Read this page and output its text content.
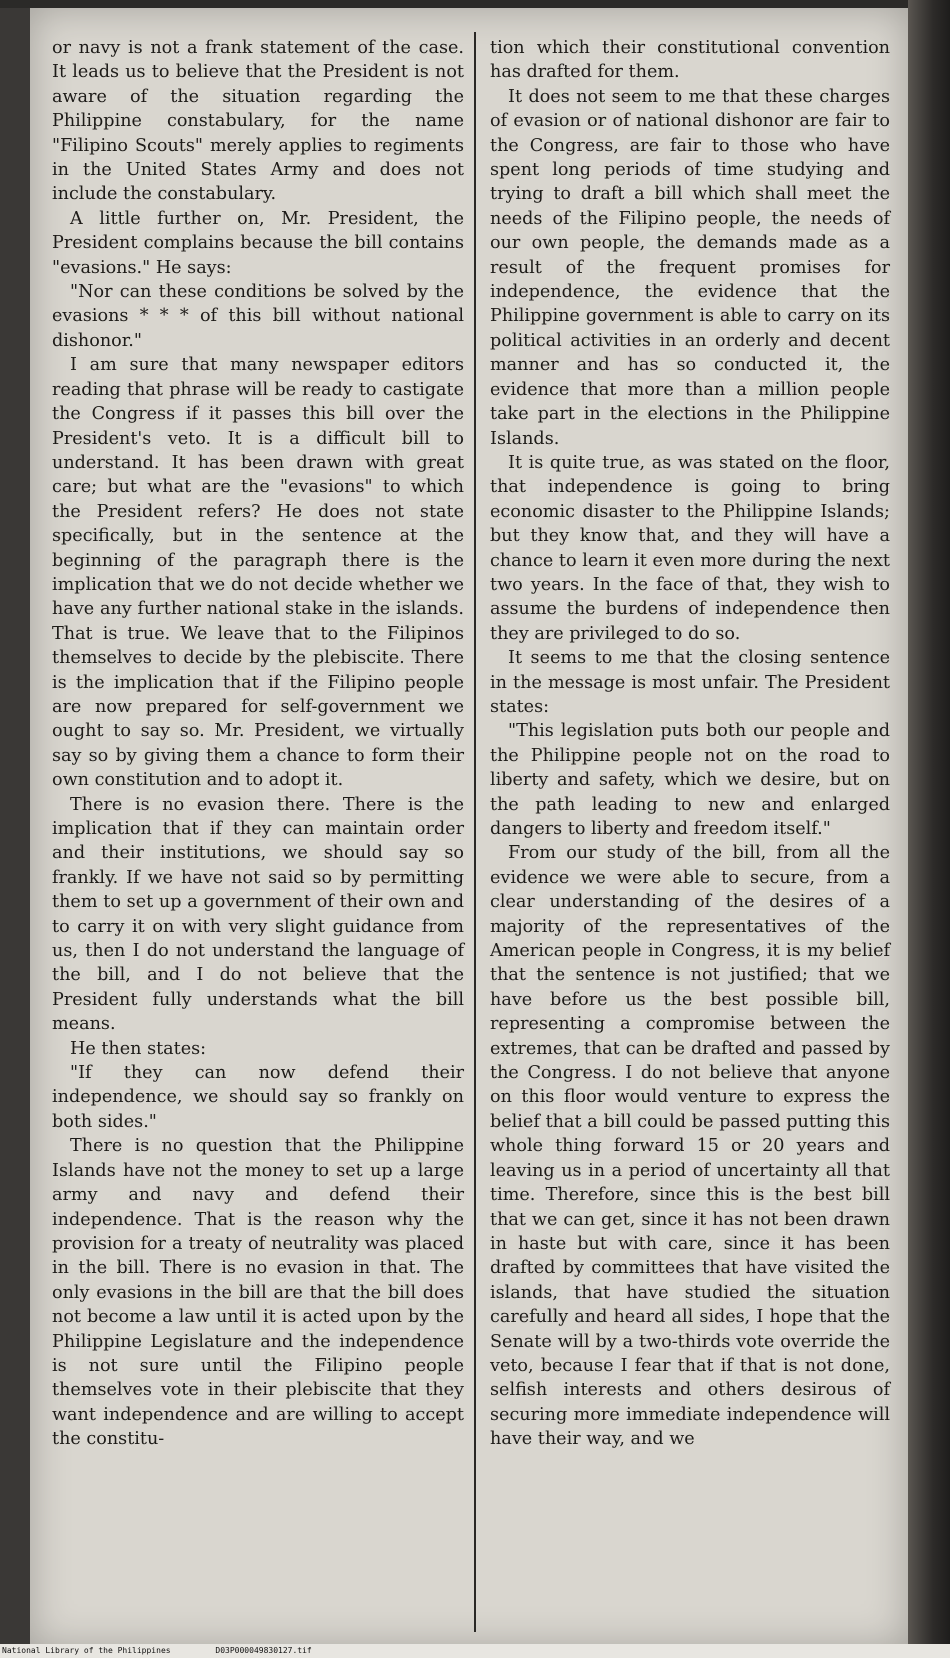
or navy is not a frank statement of the case. It leads us to believe that the President is not aware of the situation regarding the Philippine constabulary, for the name "Filipino Scouts" merely applies to regiments in the United States Army and does not include the constabulary.

A little further on, Mr. President, the President complains because the bill contains "evasions." He says:

"Nor can these conditions be solved by the evasions * * * of this bill without national dishonor."

I am sure that many newspaper editors reading that phrase will be ready to castigate the Congress if it passes this bill over the President's veto. It is a difficult bill to understand. It has been drawn with great care; but what are the "evasions" to which the President refers? He does not state specifically, but in the sentence at the beginning of the paragraph there is the implication that we do not decide whether we have any further national stake in the islands. That is true. We leave that to the Filipinos themselves to decide by the plebiscite. There is the implication that if the Filipino people are now prepared for self-government we ought to say so. Mr. President, we virtually say so by giving them a chance to form their own constitution and to adopt it.

There is no evasion there. There is the implication that if they can maintain order and their institutions, we should say so frankly. If we have not said so by permitting them to set up a government of their own and to carry it on with very slight guidance from us, then I do not understand the language of the bill, and I do not believe that the President fully understands what the bill means.

He then states:

"If they can now defend their independence, we should say so frankly on both sides."

There is no question that the Philippine Islands have not the money to set up a large army and navy and defend their independence. That is the reason why the provision for a treaty of neutrality was placed in the bill. There is no evasion in that. The only evasions in the bill are that the bill does not become a law until it is acted upon by the Philippine Legislature and the independence is not sure until the Filipino people themselves vote in their plebiscite that they want independence and are willing to accept the constitu-

tion which their constitutional convention has drafted for them.

It does not seem to me that these charges of evasion or of national dishonor are fair to the Congress, are fair to those who have spent long periods of time studying and trying to draft a bill which shall meet the needs of the Filipino people, the needs of our own people, the demands made as a result of the frequent promises for independence, the evidence that the Philippine government is able to carry on its political activities in an orderly and decent manner and has so conducted it, the evidence that more than a million people take part in the elections in the Philippine Islands.

It is quite true, as was stated on the floor, that independence is going to bring economic disaster to the Philippine Islands; but they know that, and they will have a chance to learn it even more during the next two years. In the face of that, they wish to assume the burdens of independence then they are privileged to do so.

It seems to me that the closing sentence in the message is most unfair. The President states:

"This legislation puts both our people and the Philippine people not on the road to liberty and safety, which we desire, but on the path leading to new and enlarged dangers to liberty and freedom itself."

From our study of the bill, from all the evidence we were able to secure, from a clear understanding of the desires of a majority of the representatives of the American people in Congress, it is my belief that the sentence is not justified; that we have before us the best possible bill, representing a compromise between the extremes, that can be drafted and passed by the Congress. I do not believe that anyone on this floor would venture to express the belief that a bill could be passed putting this whole thing forward 15 or 20 years and leaving us in a period of uncertainty all that time. Therefore, since this is the best bill that we can get, since it has not been drawn in haste but with care, since it has been drafted by committees that have visited the islands, that have studied the situation carefully and heard all sides, I hope that the Senate will by a two-thirds vote override the veto, because I fear that if that is not done, selfish interests and others desirous of securing more immediate independence will have their way, and we

National Library of the Philippines	D03P000049830127.tif
